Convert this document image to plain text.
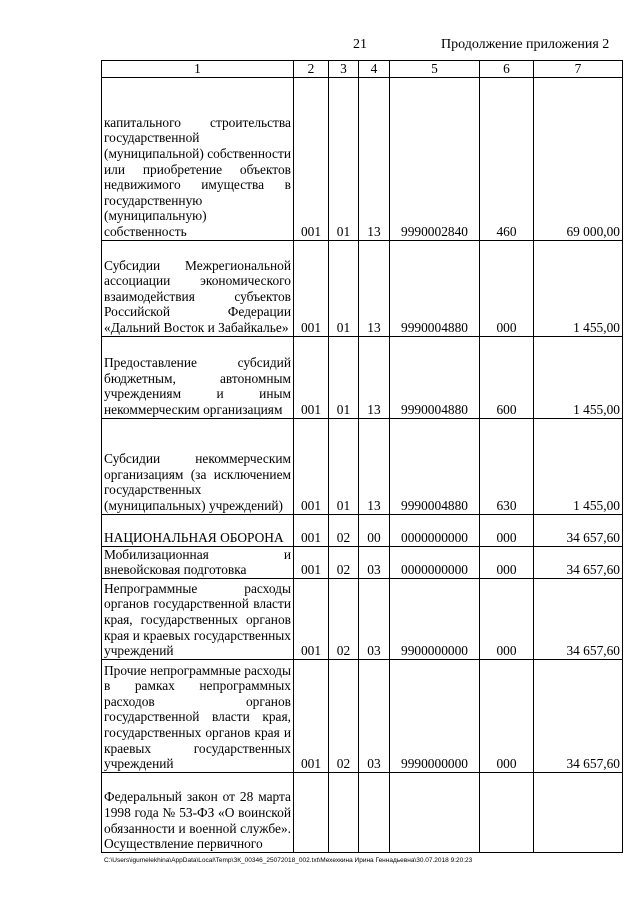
21	Продолжение приложения 2
1	2	3	4	5	6	7
капитального строительства государственной (муниципальной) собственности или приобретение объектов недвижимого имущества в государственную (муниципальную) собственность	001	01	13	9990002840	460	69 000,00
Субсидии Межрегиональной ассоциации экономического взаимодействия субъектов Российской Федерации «Дальний Восток и Забайкалье»	001	01	13	9990004880	000	1 455,00
Предоставление субсидий бюджетным, автономным учреждениям и иным некоммерческим организациям	001	01	13	9990004880	600	1 455,00
Субсидии некоммерческим организациям (за исключением государственных (муниципальных) учреждений)	001	01	13	9990004880	630	1 455,00
НАЦИОНАЛЬНАЯ ОБОРОНА	001	02	00	0000000000	000	34 657,60
Мобилизационная и вневойсковая подготовка	001	02	03	0000000000	000	34 657,60
Непрограммные расходы органов государственной власти края, государственных органов края и краевых государственных учреждений	001	02	03	9900000000	000	34 657,60
Прочие непрограммные расходы в рамках непрограммных расходов органов государственной власти края, государственных органов края и краевых государственных учреждений	001	02	03	9990000000	000	34 657,60
Федеральный закон от 28 марта 1998 года № 53-ФЗ «О воинской обязанности и военной службе». Осуществление первичного						
C:\Users\igumelekhina\AppData\Local\Temp\ЗК_00346_25072018_002.txt\Мехехкина Ирина Геннадьевна\30.07.2018 9:20:23
